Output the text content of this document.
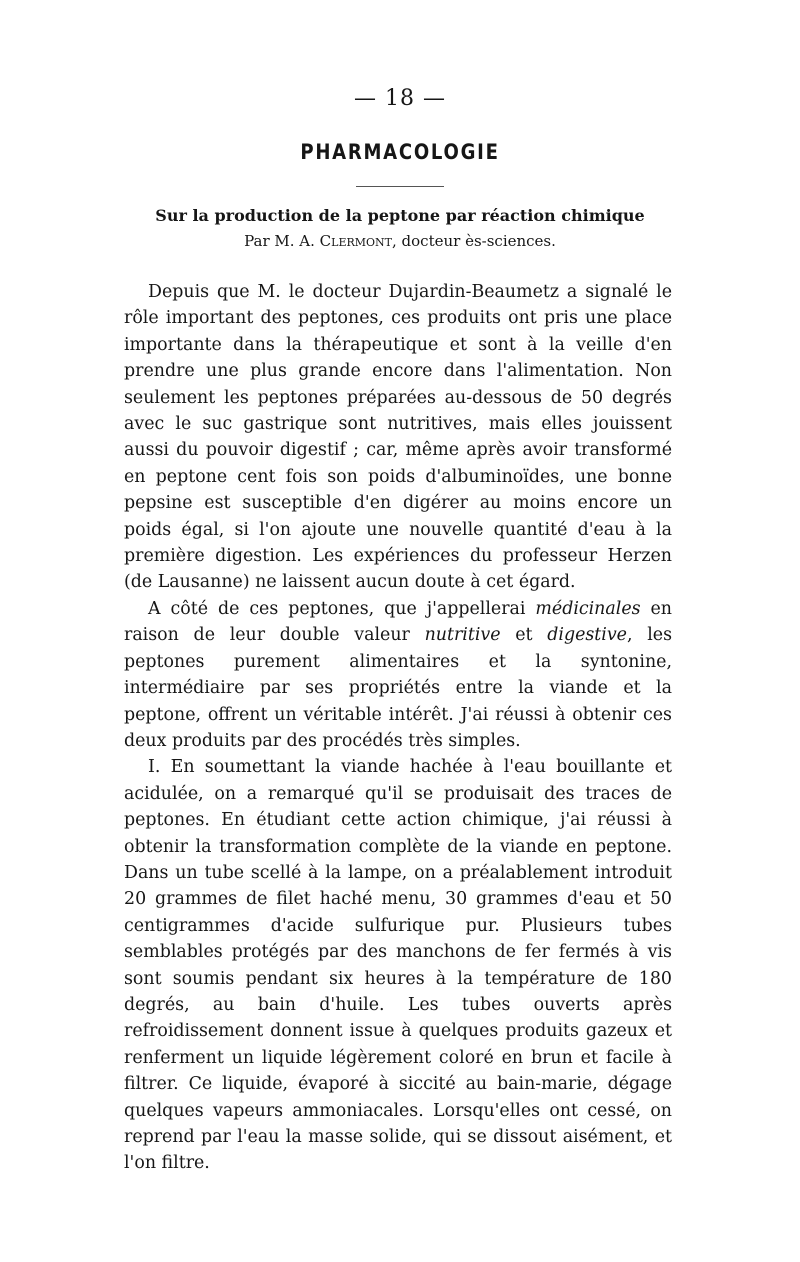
— 18 —
PHARMACOLOGIE
Sur la production de la peptone par réaction chimique
Par M. A. Clermont, docteur ès-sciences.

Depuis que M. le docteur Dujardin-Beaumetz a signalé le rôle important des peptones, ces produits ont pris une place importante dans la thérapeutique et sont à la veille d'en prendre une plus grande encore dans l'alimentation. Non seulement les peptones préparées au-dessous de 50 degrés avec le suc gastrique sont nutritives, mais elles jouissent aussi du pouvoir digestif ; car, même après avoir transformé en peptone cent fois son poids d'albuminoïdes, une bonne pepsine est susceptible d'en digérer au moins encore un poids égal, si l'on ajoute une nouvelle quantité d'eau à la première digestion. Les expériences du professeur Herzen (de Lausanne) ne laissent aucun doute à cet égard.

A côté de ces peptones, que j'appellerai médicinales en raison de leur double valeur nutritive et digestive, les peptones purement alimentaires et la syntonine, intermédiaire par ses propriétés entre la viande et la peptone, offrent un véritable intérêt. J'ai réussi à obtenir ces deux produits par des procédés très simples.

I. En soumettant la viande hachée à l'eau bouillante et acidulée, on a remarqué qu'il se produisait des traces de peptones. En étudiant cette action chimique, j'ai réussi à obtenir la transformation complète de la viande en peptone. Dans un tube scellé à la lampe, on a préalablement introduit 20 grammes de filet haché menu, 30 grammes d'eau et 50 centigrammes d'acide sulfurique pur. Plusieurs tubes semblables protégés par des manchons de fer fermés à vis sont soumis pendant six heures à la température de 180 degrés, au bain d'huile. Les tubes ouverts après refroidissement donnent issue à quelques produits gazeux et renferment un liquide légèrement coloré en brun et facile à filtrer. Ce liquide, évaporé à siccité au bain-marie, dégage quelques vapeurs ammoniacales. Lorsqu'elles ont cessé, on reprend par l'eau la masse solide, qui se dissout aisément, et l'on filtre.
